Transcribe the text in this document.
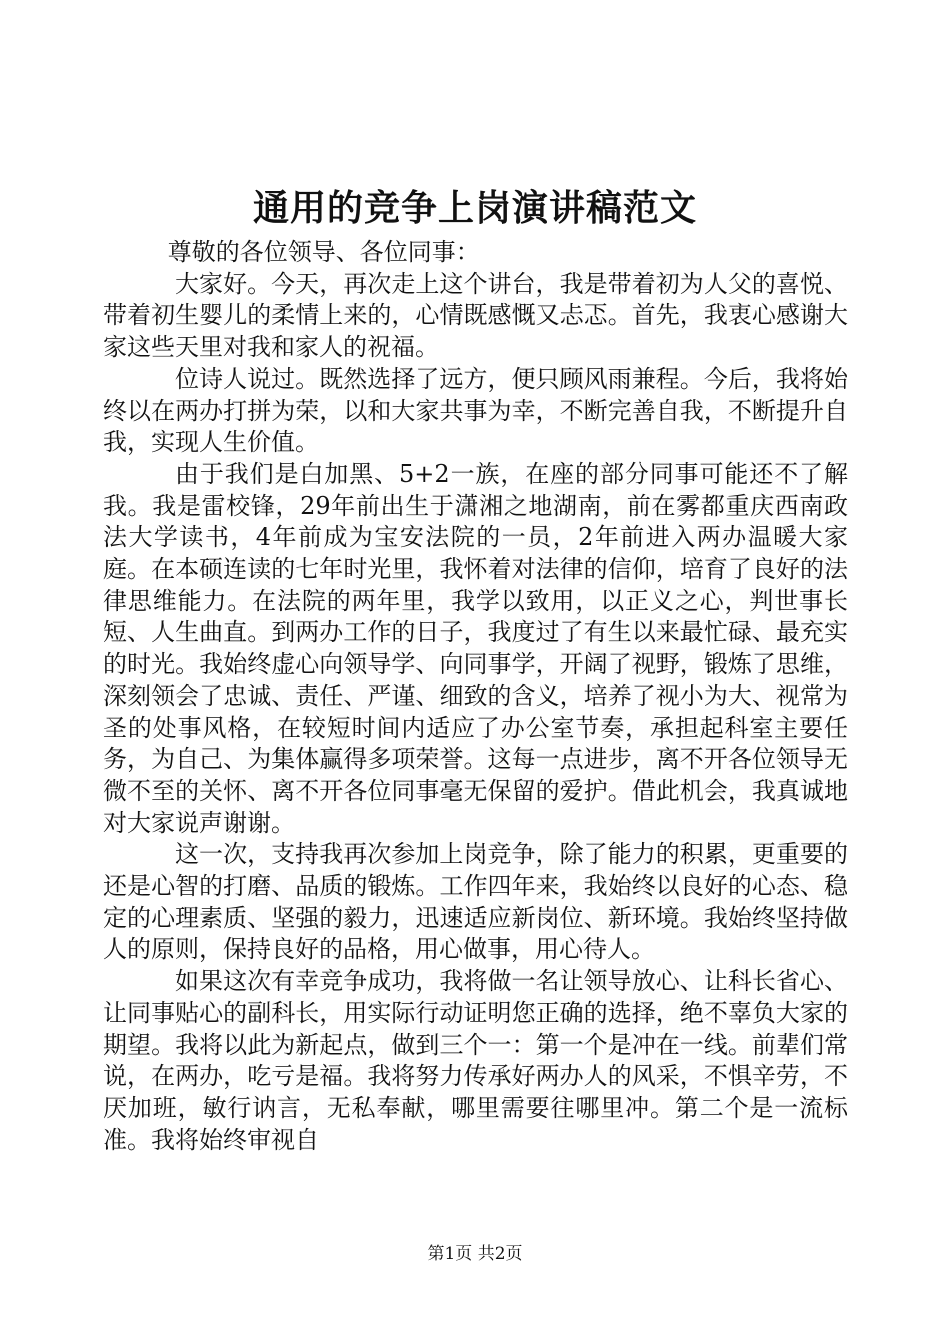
通用的竞争上岗演讲稿范文

尊敬的各位领导、各位同事：

大家好。今天，再次走上这个讲台，我是带着初为人父的喜悦、带着初生婴儿的柔情上来的，心情既感慨又忐忑。首先，我衷心感谢大家这些天里对我和家人的祝福。

位诗人说过。既然选择了远方，便只顾风雨兼程。今后，我将始终以在两办打拼为荣，以和大家共事为幸，不断完善自我，不断提升自我，实现人生价值。

由于我们是白加黑、5+2一族，在座的部分同事可能还不了解我。我是雷校锋，29年前出生于潇湘之地湖南，前在雾都重庆西南政法大学读书，4年前成为宝安法院的一员，2年前进入两办温暖大家庭。在本硕连读的七年时光里，我怀着对法律的信仰，培育了良好的法律思维能力。在法院的两年里，我学以致用，以正义之心，判世事长短、人生曲直。到两办工作的日子，我度过了有生以来最忙碌、最充实的时光。我始终虚心向领导学、向同事学，开阔了视野，锻炼了思维，深刻领会了忠诚、责任、严谨、细致的含义，培养了视小为大、视常为圣的处事风格，在较短时间内适应了办公室节奏，承担起科室主要任务，为自己、为集体赢得多项荣誉。这每一点进步，离不开各位领导无微不至的关怀、离不开各位同事毫无保留的爱护。借此机会，我真诚地对大家说声谢谢。

这一次，支持我再次参加上岗竞争，除了能力的积累，更重要的还是心智的打磨、品质的锻炼。工作四年来，我始终以良好的心态、稳定的心理素质、坚强的毅力，迅速适应新岗位、新环境。我始终坚持做人的原则，保持良好的品格，用心做事，用心待人。

如果这次有幸竞争成功，我将做一名让领导放心、让科长省心、让同事贴心的副科长，用实际行动证明您正确的选择，绝不辜负大家的期望。我将以此为新起点，做到三个一：第一个是冲在一线。前辈们常说，在两办，吃亏是福。我将努力传承好两办人的风采，不惧辛劳，不厌加班，敏行讷言，无私奉献，哪里需要往哪里冲。第二个是一流标准。我将始终审视自

第1页 共2页
